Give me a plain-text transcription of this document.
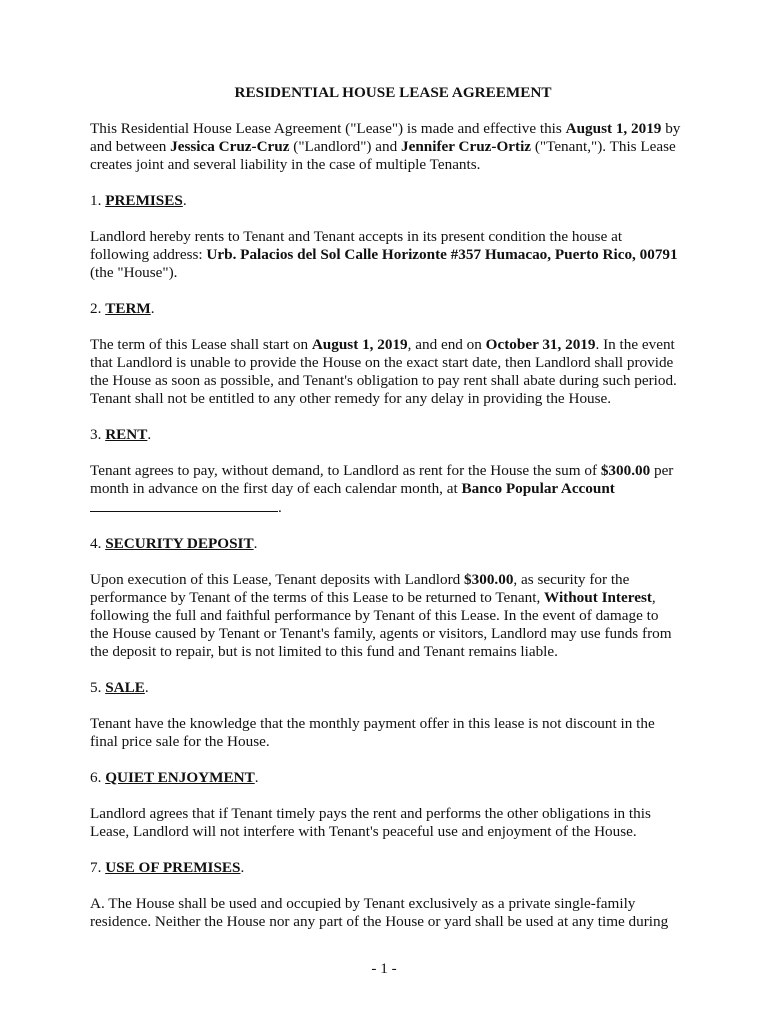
RESIDENTIAL HOUSE LEASE AGREEMENT

This Residential House Lease Agreement ("Lease") is made and effective this August 1, 2019 by

and between Jessica Cruz-Cruz ("Landlord") and Jennifer Cruz-Ortiz ("Tenant,"). This Lease

creates joint and several liability in the case of multiple Tenants.

1. PREMISES.

Landlord hereby rents to Tenant and Tenant accepts in its present condition the house at

following address: Urb. Palacios del Sol Calle Horizonte #357 Humacao, Puerto Rico, 00791

(the "House").

2. TERM.

The term of this Lease shall start on August 1, 2019, and end on October 31, 2019. In the event

that Landlord is unable to provide the House on the exact start date, then Landlord shall provide

the House as soon as possible, and Tenant's obligation to pay rent shall abate during such period.

Tenant shall not be entitled to any other remedy for any delay in providing the House.

3. RENT.

Tenant agrees to pay, without demand, to Landlord as rent for the House the sum of $300.00 per

month in advance on the first day of each calendar month, at Banco Popular Account

.

4. SECURITY DEPOSIT.

Upon execution of this Lease, Tenant deposits with Landlord $300.00, as security for the

performance by Tenant of the terms of this Lease to be returned to Tenant, Without Interest,

following the full and faithful performance by Tenant of this Lease. In the event of damage to

the House caused by Tenant or Tenant's family, agents or visitors, Landlord may use funds from

the deposit to repair, but is not limited to this fund and Tenant remains liable.

5. SALE.

Tenant have the knowledge that the monthly payment offer in this lease is not discount in the

final price sale for the House.

6. QUIET ENJOYMENT.

Landlord agrees that if Tenant timely pays the rent and performs the other obligations in this

Lease, Landlord will not interfere with Tenant's peaceful use and enjoyment of the House.

7. USE OF PREMISES.

A. The House shall be used and occupied by Tenant exclusively as a private single-family

residence. Neither the House nor any part of the House or yard shall be used at any time during

- 1 -
